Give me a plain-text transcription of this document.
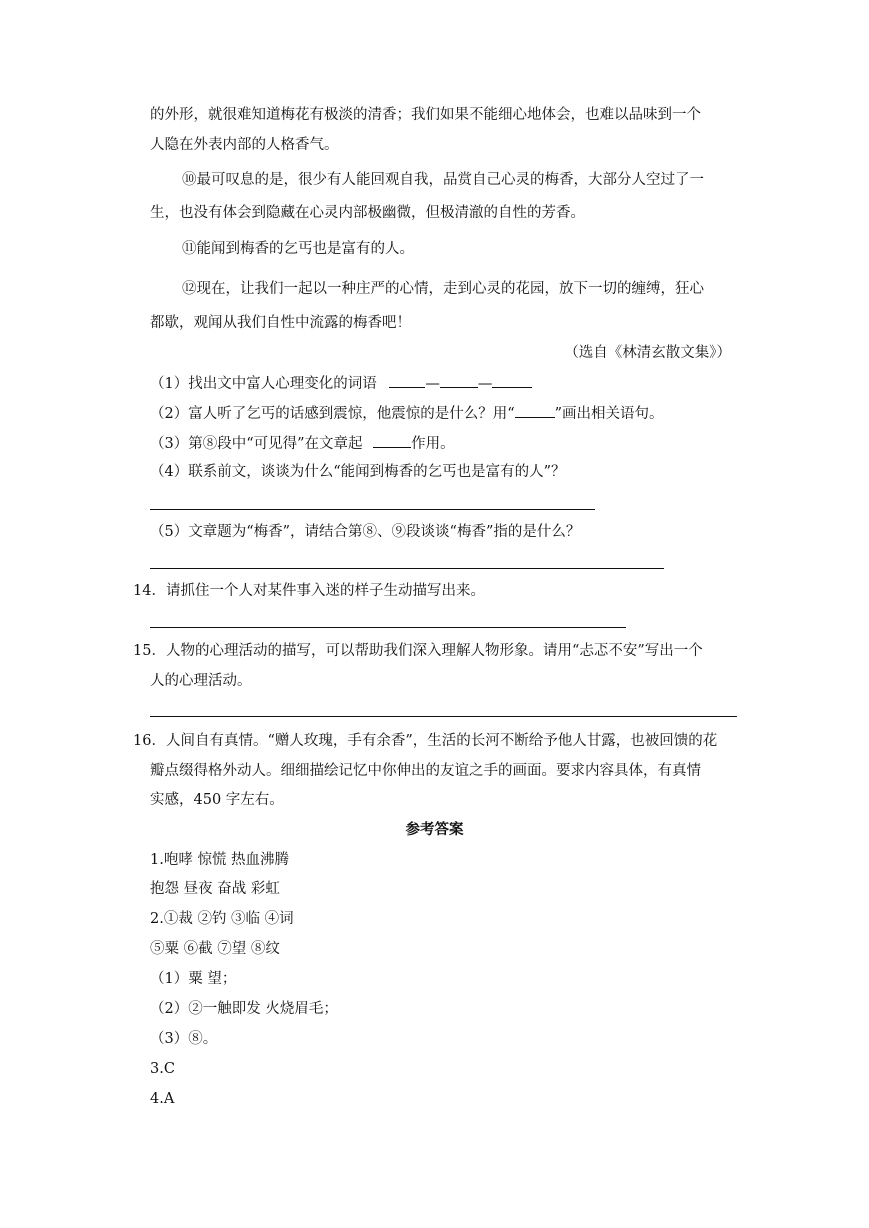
的外形，就很难知道梅花有极淡的清香；我们如果不能细心地体会，也难以品味到一个
人隐在外表内部的人格香气。
⑩最可叹息的是，很少有人能回观自我，品赏自己心灵的梅香，大部分人空过了一
生，也没有体会到隐藏在心灵内部极幽微，但极清澈的自性的芳香。
⑪能闻到梅香的乞丐也是富有的人。
⑫现在，让我们一起以一种庄严的心情，走到心灵的花园，放下一切的缠缚，狂心
都歇，观闻从我们自性中流露的梅香吧！
（选自《林清玄散文集》）
（1）找出文中富人心理变化的词语	—	—
（2）富人听了乞丐的话感到震惊，他震惊的是什么？用“	”画出相关语句。
（3）第⑧段中“可见得”在文章起	作用。
（4）联系前文，谈谈为什么“能闻到梅香的乞丐也是富有的人”？
（5）文章题为“梅香”，请结合第⑧、⑨段谈谈“梅香”指的是什么？
14．请抓住一个人对某件事入迷的样子生动描写出来。
15．人物的心理活动的描写，可以帮助我们深入理解人物形象。请用“忐忑不安”写出一个
人的心理活动。
16．人间自有真情。“赠人玫瑰，手有余香”，生活的长河不断给予他人甘露，也被回馈的花
瓣点缀得格外动人。细细描绘记忆中你伸出的友谊之手的画面。要求内容具体，有真情
实感，450 字左右。
参考答案
1.咆哮 惊慌 热血沸腾
抱怨 昼夜 奋战 彩虹
2.①裁 ②钓 ③临 ④词
⑤粟 ⑥截 ⑦望 ⑧纹
（1）粟 望；
（2）②一触即发 火烧眉毛；
（3）⑧。
3.C
4.A
